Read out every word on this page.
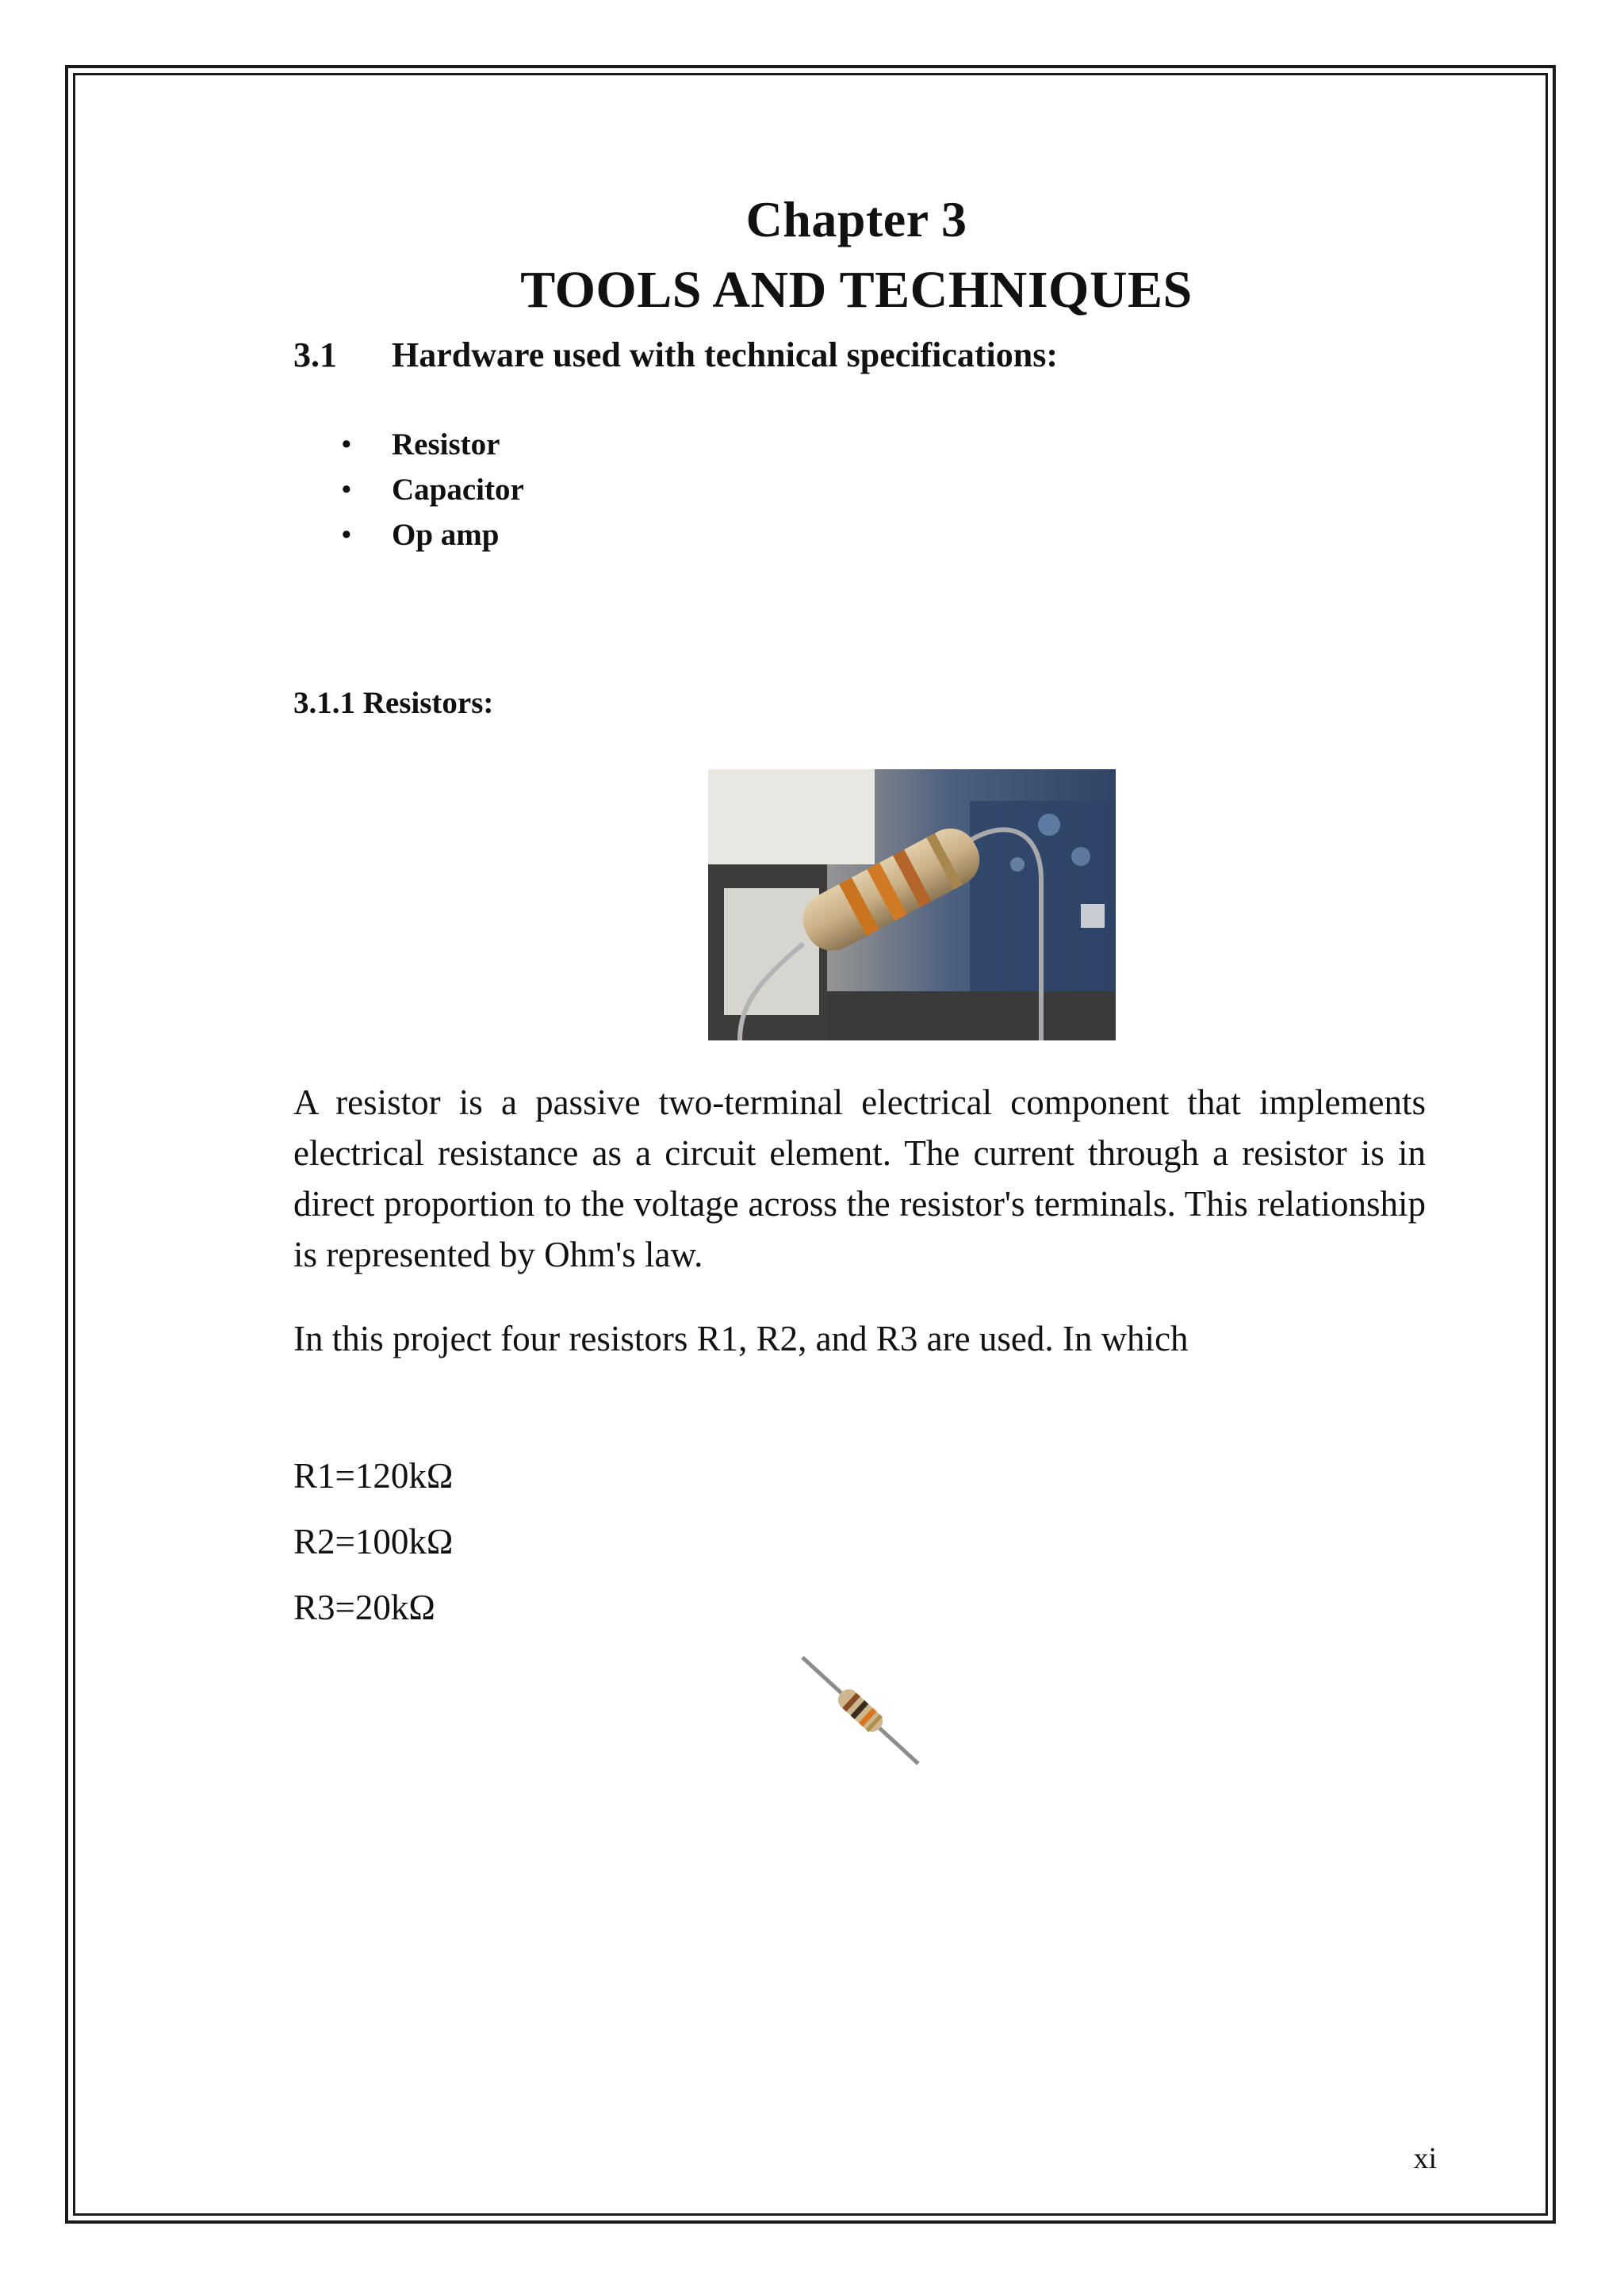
Chapter 3
TOOLS AND TECHNIQUES
3.1 Hardware used with technical specifications:
• Resistor
• Capacitor
• Op amp
3.1.1 Resistors:

A resistor is a passive two-terminal electrical component that implements electrical resistance as a circuit element. The current through a resistor is in direct proportion to the voltage across the resistor's terminals. This relationship is represented by Ohm's law.

In this project four resistors R1, R2, and R3 are used. In which

R1=120kΩ

R2=100kΩ

R3=20kΩ

xi
